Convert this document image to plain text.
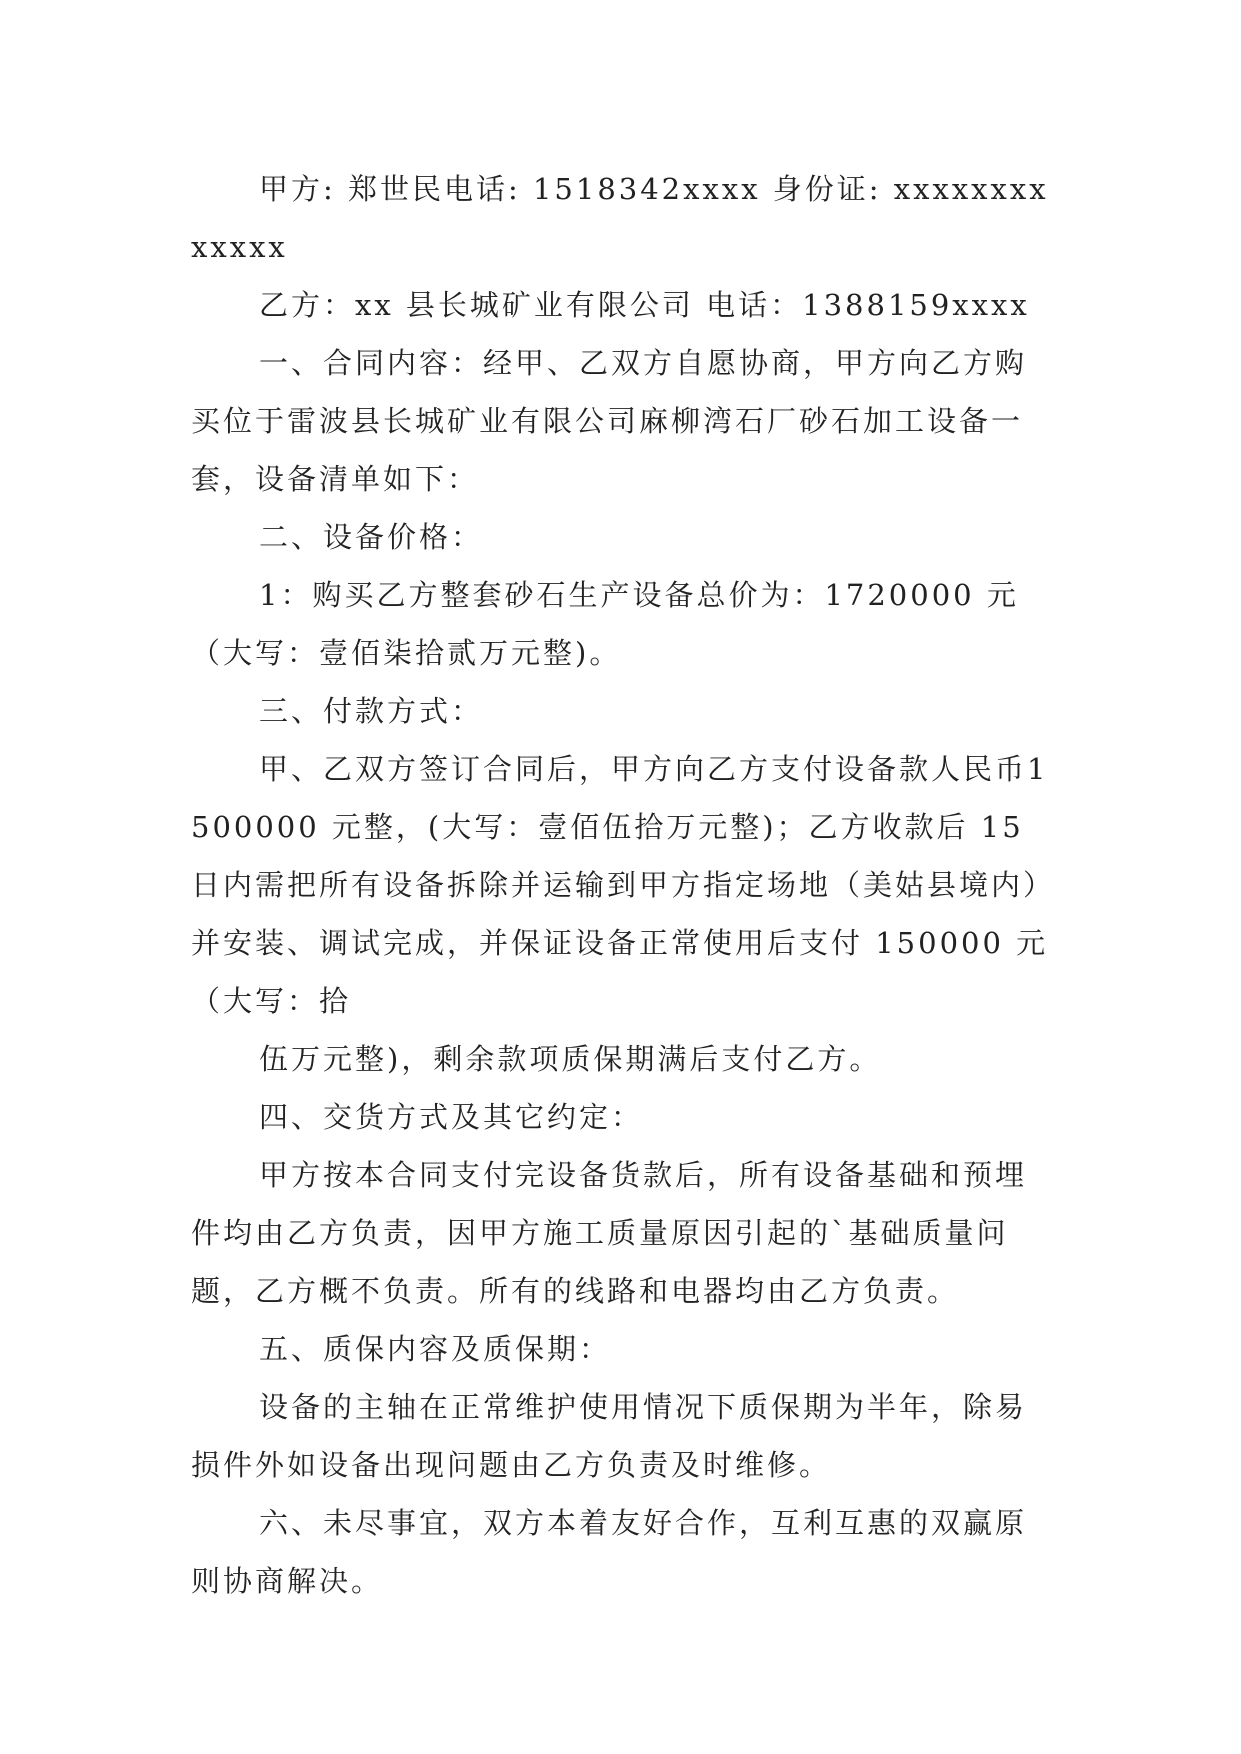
甲方: 郑世民电话: 1518342xxxx 身份证: xxxxxxxxxxxxx

乙方：xx 县长城矿业有限公司 电话：1388159xxxx

一、合同内容：经甲、乙双方自愿协商，甲方向乙方购买位于雷波县长城矿业有限公司麻柳湾石厂砂石加工设备一套，设备清单如下：

二、设备价格：

1：购买乙方整套砂石生产设备总价为：1720000 元（大写：壹佰柒拾贰万元整)。

三、付款方式：

甲、乙双方签订合同后，甲方向乙方支付设备款人民币1500000 元整，(大写：壹佰伍拾万元整)；乙方收款后 15 日内需把所有设备拆除并运输到甲方指定场地（美姑县境内）并安装、调试完成，并保证设备正常使用后支付 150000 元

（大写：拾

伍万元整)，剩余款项质保期满后支付乙方。

四、交货方式及其它约定：

甲方按本合同支付完设备货款后，所有设备基础和预埋件均由乙方负责，因甲方施工质量原因引起的`基础质量问题，乙方概不负责。所有的线路和电器均由乙方负责。

五、质保内容及质保期：

设备的主轴在正常维护使用情况下质保期为半年，除易损件外如设备出现问题由乙方负责及时维修。

六、未尽事宜，双方本着友好合作，互利互惠的双赢原则协商解决。
